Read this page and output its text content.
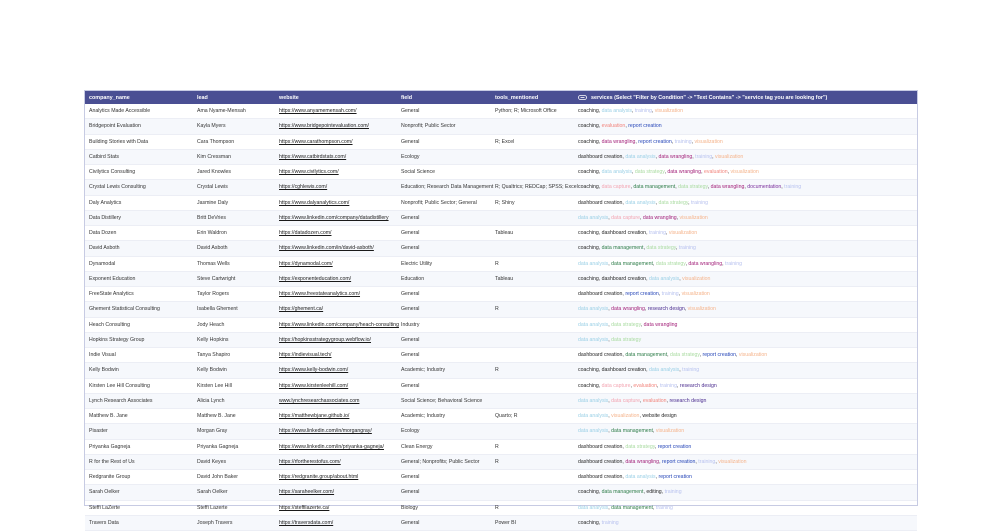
company_name	lead	website	field	tools_mentioned	services (Select "Filter by Condition" -> "Text Contains" -> "service tag you are looking for")
Analytics Made Accessible	Ama Nyame-Mensah	https://www.anyamemensah.com/	General	Python; R; Microsoft Office	coaching, data analysis, training, visualization
Bridgepoint Evaluation	Kayla Myers	https://www.bridgepointevaluation.com/	Nonprofit; Public Sector		coaching, evaluation, report creation
Building Stories with Data	Cara Thompson	https://www.carathompson.com/	General	R; Excel	coaching, data wrangling, report creation, training, visualization
Catbird Stats	Kim Cressman	https://www.catbirdstats.com/	Ecology		dashboard creation, data analysis, data wrangling, training, visualization
Civilytics Consulting	Jared Knowles	https://www.civilytics.com/	Social Science		coaching, data analysis, data strategy, data wrangling, evaluation, visualization
Crystal Lewis Consulting	Crystal Lewis	https://cghlewis.com/	Education; Research Data Management	R; Qualtrics; REDCap; SPSS; Excel	coaching, data capture, data management, data strategy, data wrangling, documentation, training
Daly Analytics	Jasmine Daly	https://www.dalyanalytics.com/	Nonprofit; Public Sector; General	R; Shiny	dashboard creation, data analysis, data strategy, training
Data Distillery	Britt DeVries	https://www.linkedin.com/company/datadistillery	General		data analysis, data capture, data wrangling, visualization
Data Dozen	Erin Waldron	https://datadozen.com/	General	Tableau	coaching, dashboard creation, training, visualization
David Asboth	David Asboth	https://www.linkedin.com/in/david-asboth/	General		coaching, data management, data strategy, training
Dynamodal	Thomas Wells	https://dynamodal.com/	Electric Utility	R	data analysis, data management, data strategy, data wrangling, training
Exponent Education	Steve Cartwright	https://exponenteducation.com/	Education	Tableau	coaching, dashboard creation, data analysis, visualization
FreeState Analytics	Taylor Rogers	https://www.freestateanalytics.com/	General		dashboard creation, report creation, training, visualization
Ghement Statistical Consulting	Isabella Ghement	https://ghement.ca/	General	R	data analysis, data wrangling, research design, visualization
Heach Consulting	Jody Heach	https://www.linkedin.com/company/heach-consulting	Industry		data analysis, data strategy, data wrangling
Hopkins Strategy Group	Kelly Hopkins	https://hopkinsstrategygroup.webflow.io/	General		data analysis, data strategy
Indie Visual	Tanya Shapiro	https://indievisual.tech/	General		dashboard creation, data management, data strategy, report creation, visualization
Kelly Bodwin	Kelly Bodwin	https://www.kelly-bodwin.com/	Academic; Industry	R	coaching, dashboard creation, data analysis, training
Kirsten Lee Hill Consulting	Kirsten Lee Hill	https://www.kirstenleehill.com/	General		coaching, data capture, evaluation, training, research design
Lynch Research Associates	Alicia Lynch	www.lynchresearchassociates.com	Social Science; Behavioral Science		data analysis, data capture, evaluation, research design
Matthew B. Jane	Matthew B. Jane	https://matthewbjane.github.io/	Academic; Industry	Quarto; R	data analysis, visualization, website design
Pisaster	Morgan Gray	https://www.linkedin.com/in/morgangray/	Ecology		data analysis, data management, visualization
Priyanka Gagneja	Priyanka Gagneja	https://www.linkedin.com/in/priyanka-gagneja/	Clean Energy	R	dashboard creation, data strategy, report creation
R for the Rest of Us	David Keyes	https://rfortherestofus.com/	General; Nonprofits; Public Sector	R	dashboard creation, data wrangling, report creation, training, visualization
Redgranite Group	David John Baker	https://redgranite.group/about.html	General		dashboard creation, data analysis, report creation
Sarah Oelker	Sarah Oelker	https://saraheelker.com/	General		coaching, data management, editing, training
Steffi LaZerte	Steffi Lazerte	https://steffilazerte.ca/	Biology	R	data analysis, data management, training
Travers Data	Joseph Travers	https://traversdata.com/	General	Power BI	coaching, training
